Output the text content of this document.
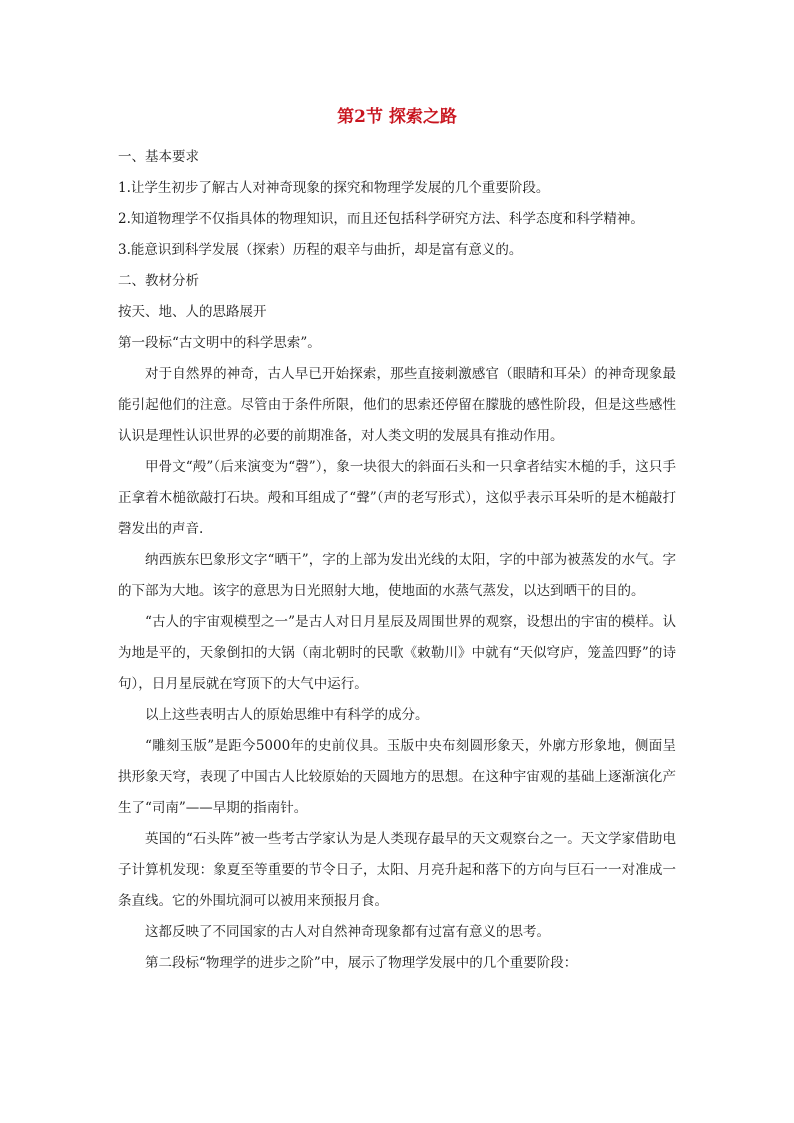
第2节 探索之路

一、基本要求

1.让学生初步了解古人对神奇现象的探究和物理学发展的几个重要阶段。

2.知道物理学不仅指具体的物理知识，而且还包括科学研究方法、科学态度和科学精神。

3.能意识到科学发展（探索）历程的艰辛与曲折，却是富有意义的。

二、教材分析

按天、地、人的思路展开

第一段标“古文明中的科学思索”。

对于自然界的神奇，古人早已开始探索，那些直接刺激感官（眼睛和耳朵）的神奇现象最能引起他们的注意。尽管由于条件所限，他们的思索还停留在朦胧的感性阶段，但是这些感性认识是理性认识世界的必要的前期准备，对人类文明的发展具有推动作用。

甲骨文“殸”（后来演变为“磬”），象一块很大的斜面石头和一只拿者结实木槌的手，这只手正拿着木槌欲敲打石块。殸和耳组成了“聲”（声的老写形式），这似乎表示耳朵听的是木槌敲打磬发出的声音.

纳西族东巴象形文字“晒干”，字的上部为发出光线的太阳，字的中部为被蒸发的水气。字的下部为大地。该字的意思为日光照射大地，使地面的水蒸气蒸发，以达到晒干的目的。

“古人的宇宙观模型之一”是古人对日月星辰及周围世界的观察，设想出的宇宙的模样。认为地是平的，天象倒扣的大锅（南北朝时的民歌《敕勒川》中就有“天似穹庐，笼盖四野”的诗句），日月星辰就在穹顶下的大气中运行。

以上这些表明古人的原始思维中有科学的成分。

“雕刻玉版”是距今5000年的史前仪具。玉版中央布刻圆形象天，外廓方形象地，侧面呈拱形象天穹，表现了中国古人比较原始的天圆地方的思想。在这种宇宙观的基础上逐渐演化产生了“司南”——早期的指南针。

英国的“石头阵”被一些考古学家认为是人类现存最早的天文观察台之一。天文学家借助电子计算机发现：象夏至等重要的节令日子，太阳、月亮升起和落下的方向与巨石一一对准成一条直线。它的外围坑洞可以被用来预报月食。

这都反映了不同国家的古人对自然神奇现象都有过富有意义的思考。

第二段标“物理学的进步之阶”中，展示了物理学发展中的几个重要阶段：
